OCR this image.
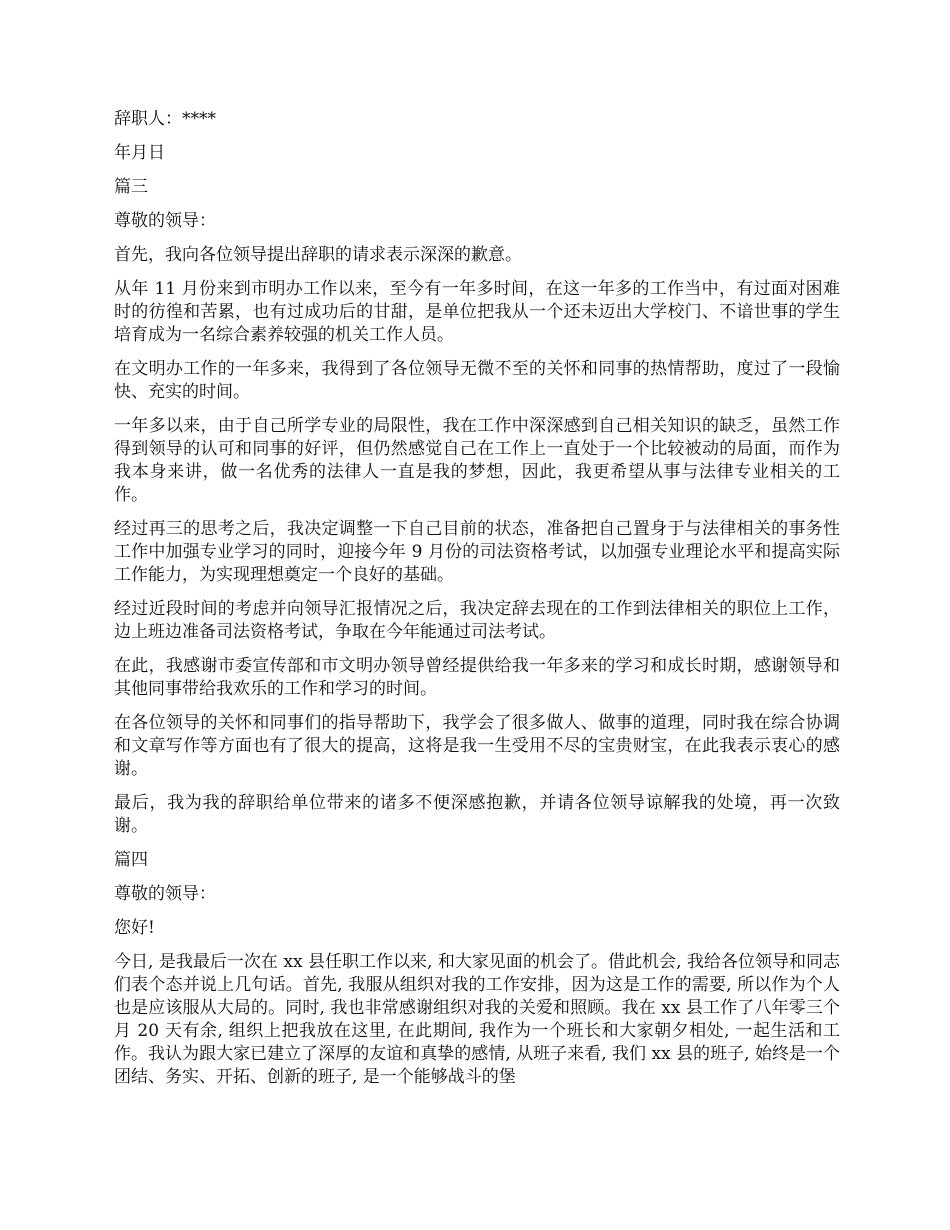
辞职人：****

年月日

篇三

尊敬的领导：

首先，我向各位领导提出辞职的请求表示深深的歉意。

从年 11 月份来到市明办工作以来，至今有一年多时间，在这一年多的工作当中，有过面对困难时的彷徨和苦累，也有过成功后的甘甜，是单位把我从一个还未迈出大学校门、不谙世事的学生培育成为一名综合素养较强的机关工作人员。

在文明办工作的一年多来，我得到了各位领导无微不至的关怀和同事的热情帮助，度过了一段愉快、充实的时间。

一年多以来，由于自己所学专业的局限性，我在工作中深深感到自己相关知识的缺乏，虽然工作得到领导的认可和同事的好评，但仍然感觉自己在工作上一直处于一个比较被动的局面，而作为我本身来讲，做一名优秀的法律人一直是我的梦想，因此，我更希望从事与法律专业相关的工作。

经过再三的思考之后，我决定调整一下自己目前的状态，准备把自己置身于与法律相关的事务性工作中加强专业学习的同时，迎接今年 9 月份的司法资格考试，以加强专业理论水平和提高实际工作能力，为实现理想奠定一个良好的基础。

经过近段时间的考虑并向领导汇报情况之后，我决定辞去现在的工作到法律相关的职位上工作，边上班边准备司法资格考试，争取在今年能通过司法考试。

在此，我感谢市委宣传部和市文明办领导曾经提供给我一年多来的学习和成长时期，感谢领导和其他同事带给我欢乐的工作和学习的时间。

在各位领导的关怀和同事们的指导帮助下，我学会了很多做人、做事的道理，同时我在综合协调和文章写作等方面也有了很大的提高，这将是我一生受用不尽的宝贵财宝，在此我表示衷心的感谢。

最后，我为我的辞职给单位带来的诸多不便深感抱歉，并请各位领导谅解我的处境，再一次致谢。

篇四

尊敬的领导：

您好!

今日, 是我最后一次在 xx 县任职工作以来, 和大家见面的机会了。借此机会, 我给各位领导和同志们表个态并说上几句话。首先, 我服从组织对我的工作安排，因为这是工作的需要, 所以作为个人也是应该服从大局的。同时, 我也非常感谢组织对我的关爱和照顾。我在 xx 县工作了八年零三个月 20 天有余, 组织上把我放在这里, 在此期间, 我作为一个班长和大家朝夕相处, 一起生活和工作。我认为跟大家已建立了深厚的友谊和真挚的感情, 从班子来看, 我们 xx 县的班子, 始终是一个团结、务实、开拓、创新的班子, 是一个能够战斗的堡
